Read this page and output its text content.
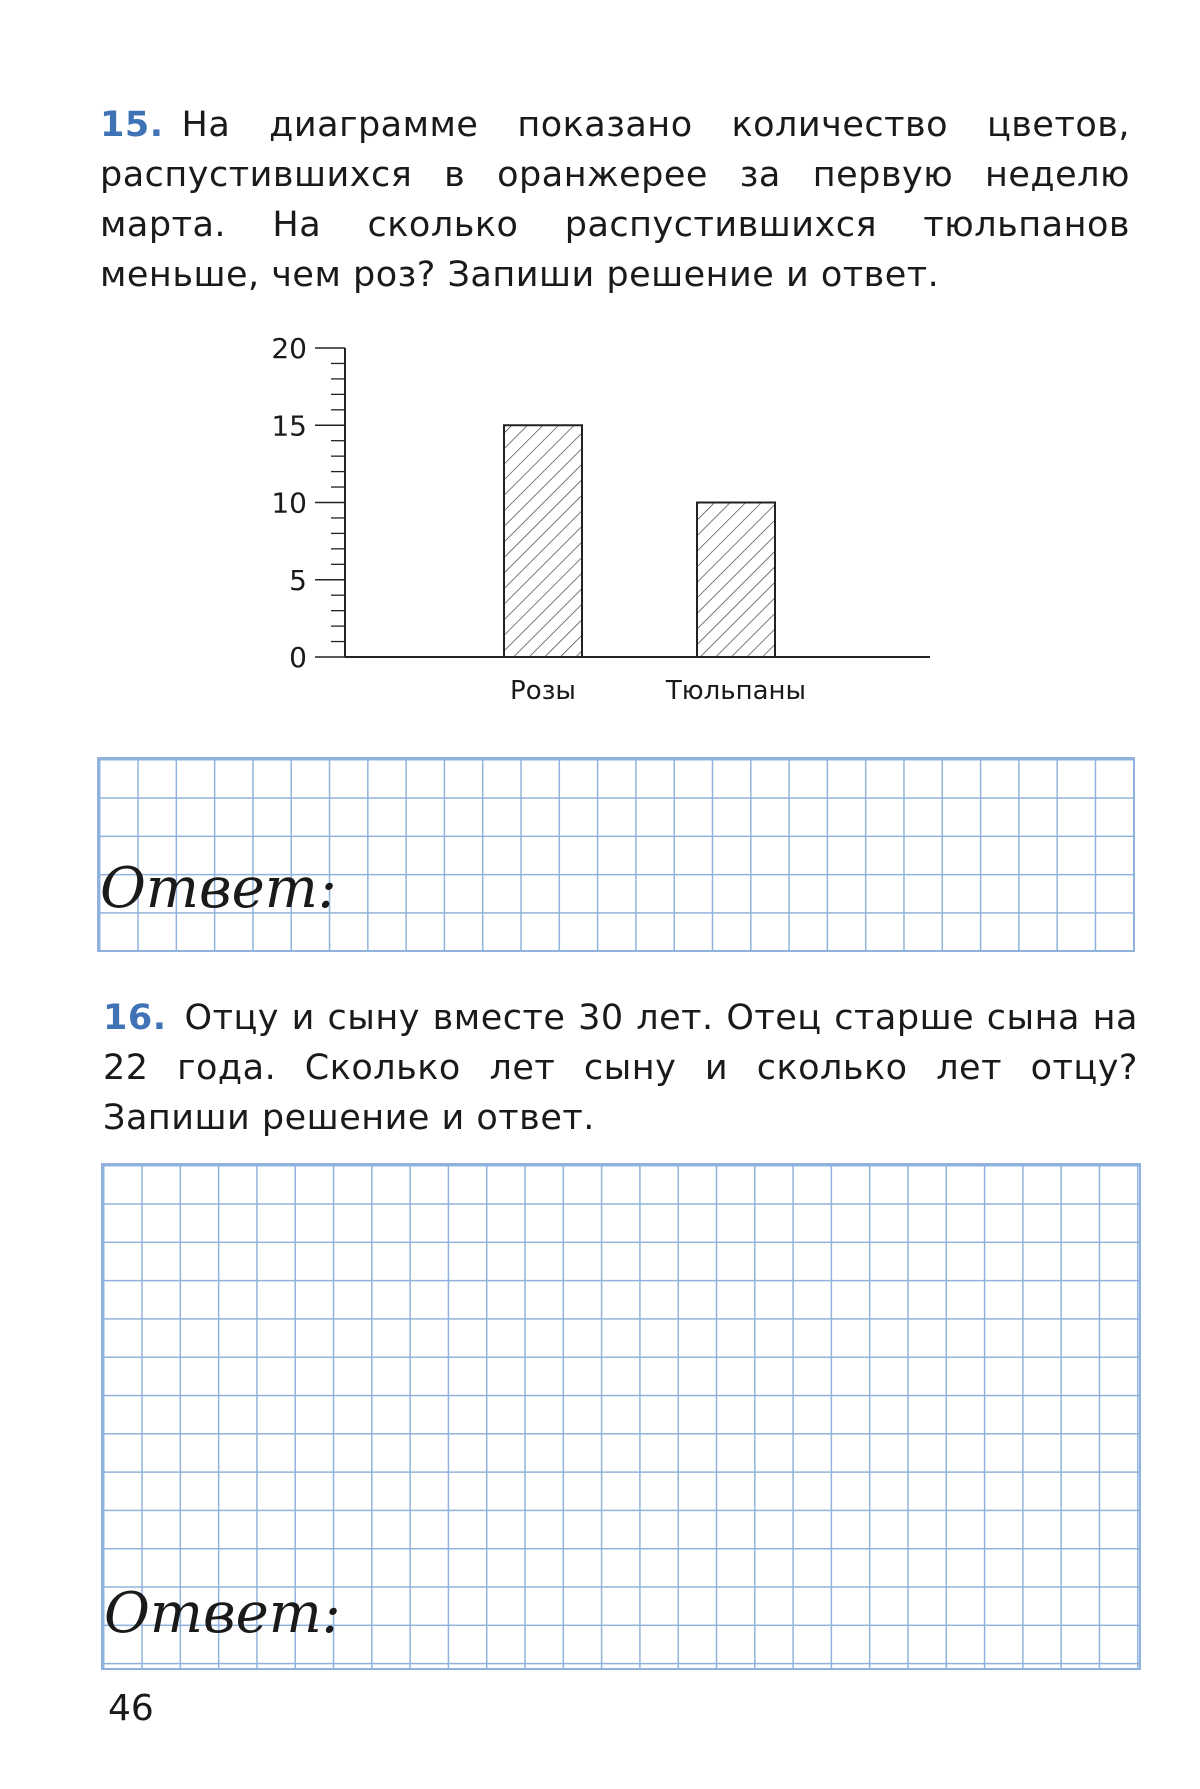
15. На диаграмме показано количество цветов, распустившихся в оранжерее за первую неделю марта. На сколько распустившихся тюльпанов меньше, чем роз? Запиши решение и ответ.
0
5
10
15
20
Розы	Тюльпаны
Ответ:
16. Отцу и сыну вместе 30 лет. Отец старше сына на 22 года. Сколько лет сыну и сколько лет отцу? Запиши решение и ответ.
Ответ:
46
